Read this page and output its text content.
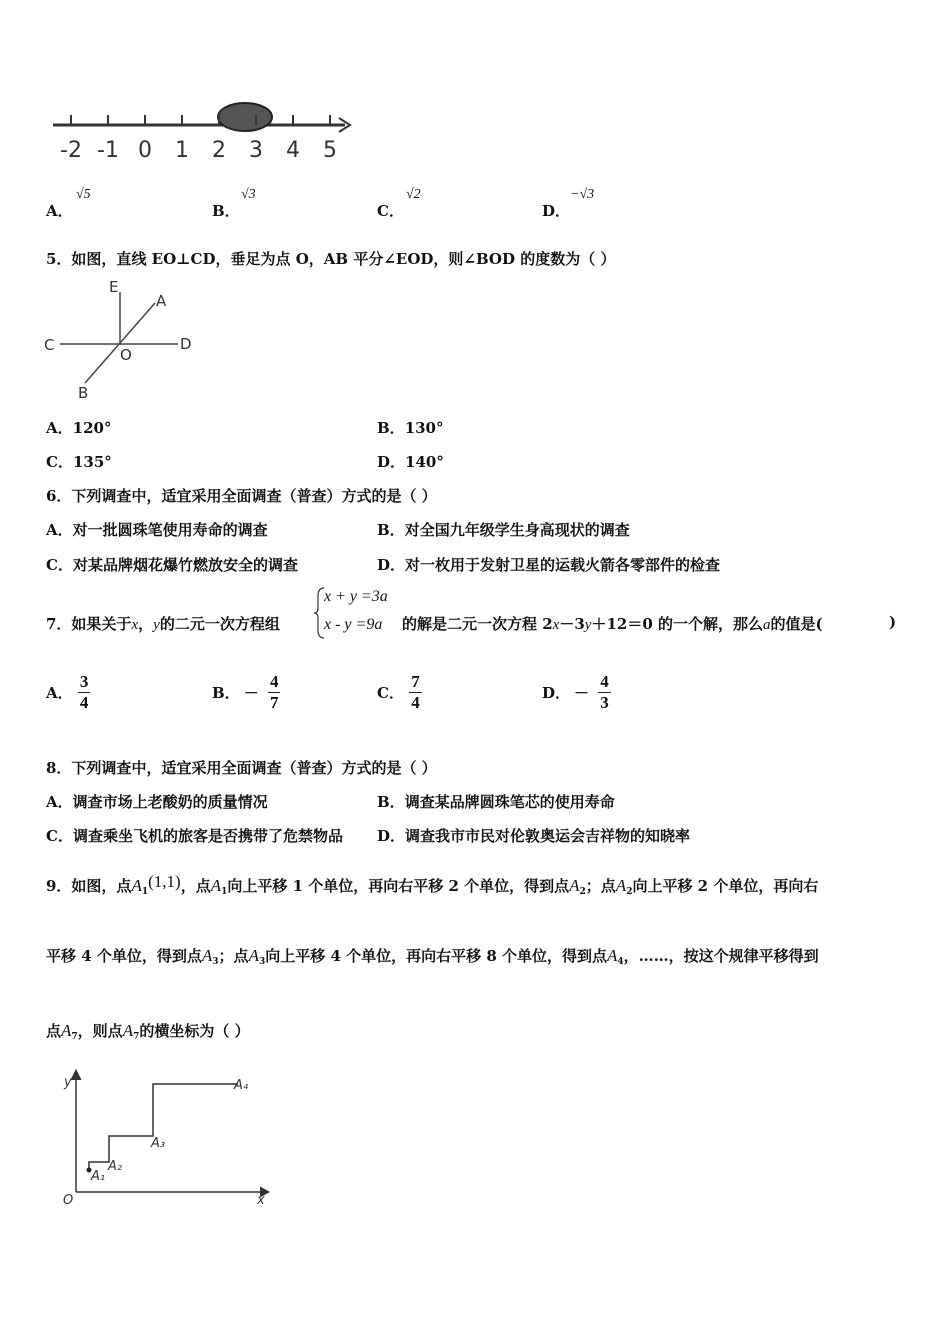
-2 -1 0 1 2 3 4 5
A．
√5
B．
√3
C．
√2
D．
−√3
5．如图，直线 EO⊥CD，垂足为点 O，AB 平分∠EOD，则∠BOD 的度数为（ ）
E
A
C
O
D
B
A．120°	B．130°
C．135°	D．140°
6．下列调查中，适宜采用全面调查（普查）方式的是（ ）
A．对一批圆珠笔使用寿命的调查	B．对全国九年级学生身高现状的调查
C．对某品牌烟花爆竹燃放安全的调查	D．对一枚用于发射卫星的运载火箭各零部件的检查
7．如果关于x，y的二元一次方程组
x + y =3a
x - y =9a 的解是二元一次方程 2x－3y＋12＝0 的一个解，那么a的值是(	)
A． $\frac{3}{4}$	B． － $\frac{4}{7}$	C． $\frac{7}{4}$	D． － $\frac{4}{3}$
8．下列调查中，适宜采用全面调查（普查）方式的是（ ）
A．调查市场上老酸奶的质量情况	B．调查某品牌圆珠笔芯的使用寿命
C．调查乘坐飞机的旅客是否携带了危禁物品 D．调查我市市民对伦敦奥运会吉祥物的知晓率
9．如图，点$A_1(1,1)$，点$A_1$向上平移 1 个单位，再向右平移 2 个单位，得到点$A_2$；点$A_2$向上平移 2 个单位，再向右
平移 4 个单位，得到点$A_3$；点$A_3$向上平移 4 个单位，再向右平移 8 个单位，得到点$A_4$，……，按这个规律平移得到
点$A_7$，则点$A_7$的横坐标为（ ）
y
x
O
A₁
A₂
A₃
A₄
